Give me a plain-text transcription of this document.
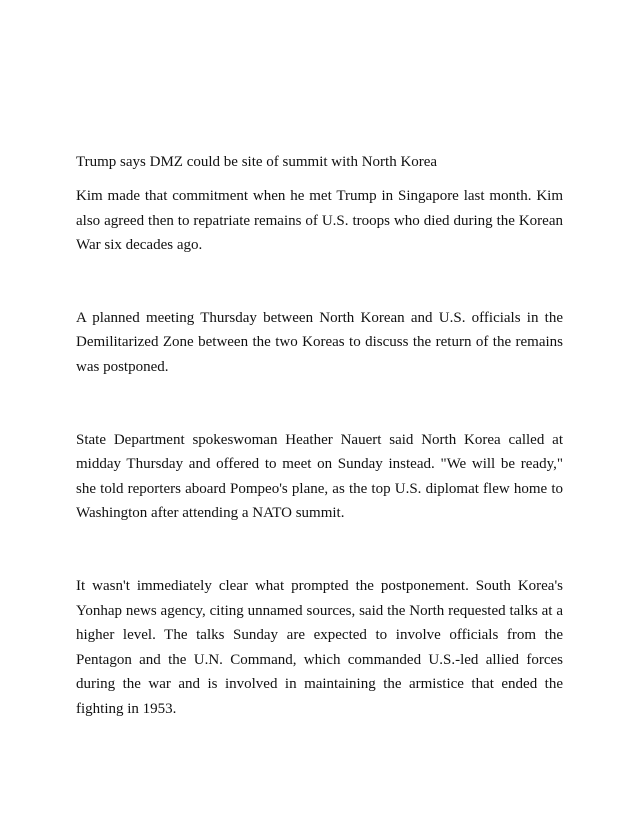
Trump says DMZ could be site of summit with North Korea

Kim made that commitment when he met Trump in Singapore last month. Kim also agreed then to repatriate remains of U.S. troops who died during the Korean War six decades ago.

A planned meeting Thursday between North Korean and U.S. officials in the Demilitarized Zone between the two Koreas to discuss the return of the remains was postponed.

State Department spokeswoman Heather Nauert said North Korea called at midday Thursday and offered to meet on Sunday instead. "We will be ready," she told reporters aboard Pompeo's plane, as the top U.S. diplomat flew home to Washington after attending a NATO summit.

It wasn't immediately clear what prompted the postponement. South Korea's Yonhap news agency, citing unnamed sources, said the North requested talks at a higher level. The talks Sunday are expected to involve officials from the Pentagon and the U.N. Command, which commanded U.S.-led allied forces during the war and is involved in maintaining the armistice that ended the fighting in 1953.
